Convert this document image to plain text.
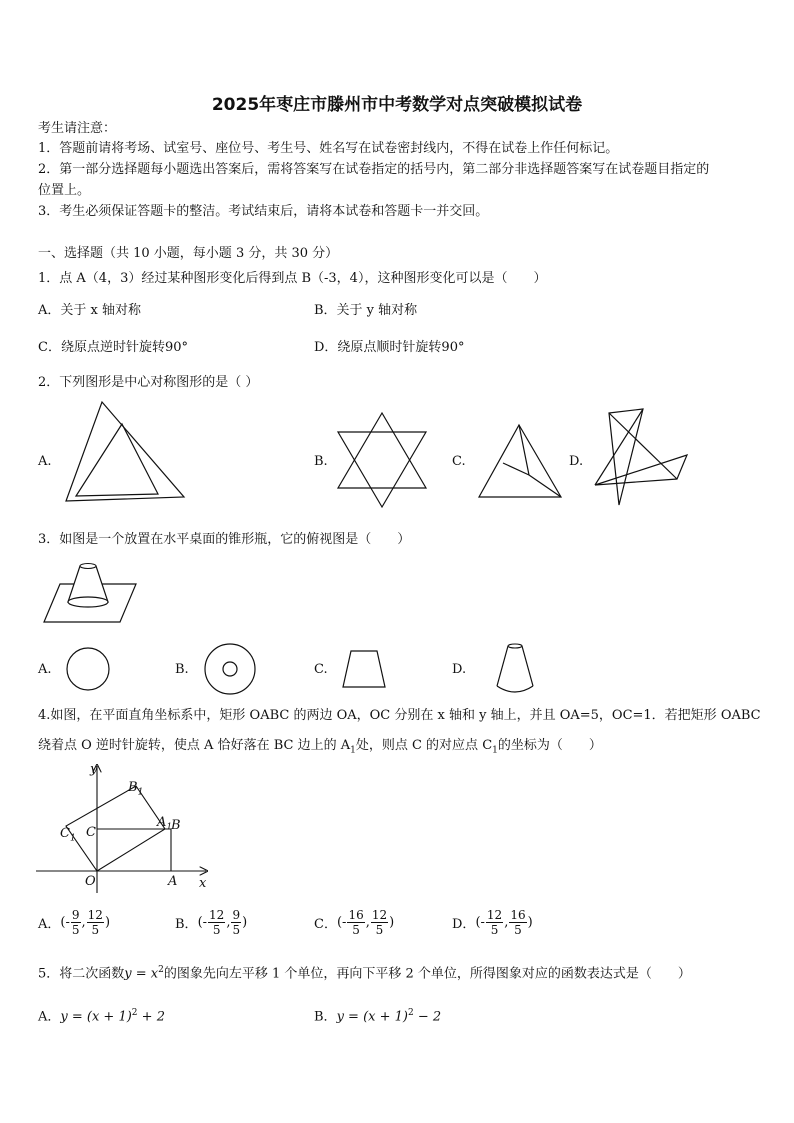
2025年枣庄市滕州市中考数学对点突破模拟试卷
考生请注意：
1．答题前请将考场、试室号、座位号、考生号、姓名写在试卷密封线内，不得在试卷上作任何标记。
2．第一部分选择题每小题选出答案后，需将答案写在试卷指定的括号内，第二部分非选择题答案写在试卷题目指定的
位置上。
3．考生必须保证答题卡的整洁。考试结束后，请将本试卷和答题卡一并交回。
一、选择题（共 10 小题，每小题 3 分，共 30 分）
1．点 A（4，3）经过某种图形变化后得到点 B（-3，4），这种图形变化可以是（　　）
A．关于 x 轴对称	B．关于 y 轴对称
C．绕原点逆时针旋转90°	D．绕原点顺时针旋转90°
2．下列图形是中心对称图形的是（ ）
A.	B.	C.	D.
3．如图是一个放置在水平桌面的锥形瓶，它的俯视图是（　　）
A.	B.	C.	D.
4.如图，在平面直角坐标系中，矩形 OABC 的两边 OA，OC 分别在 x 轴和 y 轴上，并且 OA=5，OC=1．若把矩形 OABC
绕着点 O 逆时针旋转，使点 A 恰好落在 BC 边上的 $A_1$处，则点 C 的对应点 $C_1$的坐标为（　　）
y
x
O	A
B
C
$B_1$
$A_1$
$C_1$
A． ( - $\frac{9}{5}$ , $\frac{12}{5}$ )	B． ( - $\frac{12}{5}$ , $\frac{9}{5}$ )	C． ( - $\frac{16}{5}$ , $\frac{12}{5}$ )	D． ( - $\frac{12}{5}$ , $\frac{16}{5}$ )
5．将二次函数$y = x^2$的图象先向左平移 1 个单位，再向下平移 2 个单位，所得图象对应的函数表达式是（　　）
A．$y = (x + 1)^2 + 2$	B．$y = (x + 1)^2 - 2$
